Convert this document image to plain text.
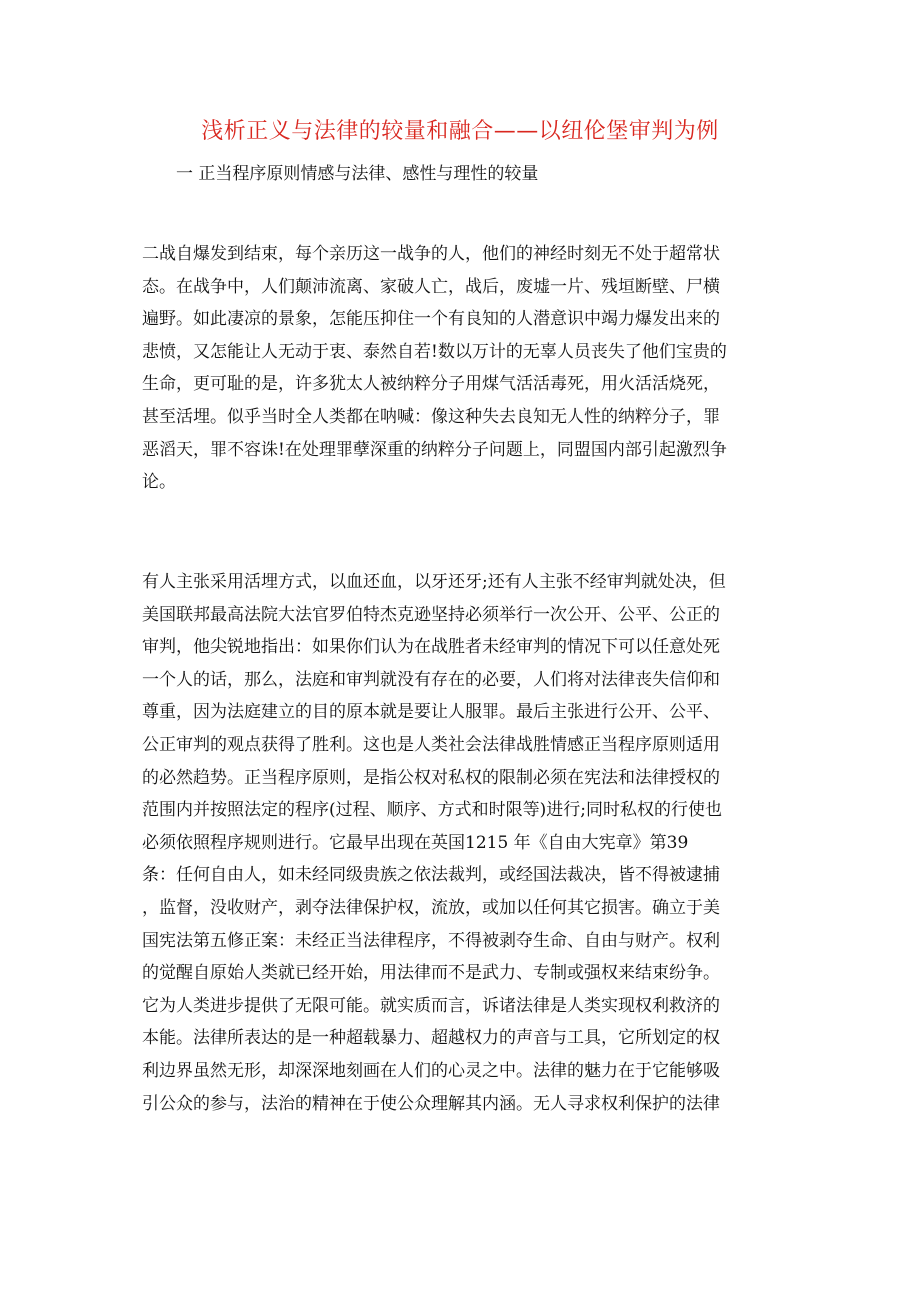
浅析正义与法律的较量和融合——以纽伦堡审判为例
一 正当程序原则情感与法律、感性与理性的较量
二战自爆发到结束，每个亲历这一战争的人，他们的神经时刻无不处于超常状
态。在战争中，人们颠沛流离、家破人亡，战后，废墟一片、残垣断壁、尸横
遍野。如此凄凉的景象，怎能压抑住一个有良知的人潜意识中竭力爆发出来的
悲愤，又怎能让人无动于衷、泰然自若!数以万计的无辜人员丧失了他们宝贵的
生命，更可耻的是，许多犹太人被纳粹分子用煤气活活毒死，用火活活烧死，
甚至活埋。似乎当时全人类都在呐喊：像这种失去良知无人性的纳粹分子，罪
恶滔天，罪不容诛!在处理罪孽深重的纳粹分子问题上，同盟国内部引起激烈争
论。
有人主张采用活埋方式，以血还血，以牙还牙;还有人主张不经审判就处决，但
美国联邦最高法院大法官罗伯特杰克逊坚持必须举行一次公开、公平、公正的
审判，他尖锐地指出：如果你们认为在战胜者未经审判的情况下可以任意处死
一个人的话，那么，法庭和审判就没有存在的必要，人们将对法律丧失信仰和
尊重，因为法庭建立的目的原本就是要让人服罪。最后主张进行公开、公平、
公正审判的观点获得了胜利。这也是人类社会法律战胜情感正当程序原则适用
的必然趋势。正当程序原则，是指公权对私权的限制必须在宪法和法律授权的
范围内并按照法定的程序(过程、顺序、方式和时限等)进行;同时私权的行使也
必须依照程序规则进行。它最早出现在英国1215 年《自由大宪章》第39
条：任何自由人，如未经同级贵族之依法裁判，或经国法裁决，皆不得被逮捕
，监督，没收财产，剥夺法律保护权，流放，或加以任何其它损害。确立于美
国宪法第五修正案：未经正当法律程序，不得被剥夺生命、自由与财产。权利
的觉醒自原始人类就已经开始，用法律而不是武力、专制或强权来结束纷争。
它为人类进步提供了无限可能。就实质而言，诉诸法律是人类实现权利救济的
本能。法律所表达的是一种超载暴力、超越权力的声音与工具，它所划定的权
利边界虽然无形，却深深地刻画在人们的心灵之中。法律的魅力在于它能够吸
引公众的参与，法治的精神在于使公众理解其内涵。无人寻求权利保护的法律
